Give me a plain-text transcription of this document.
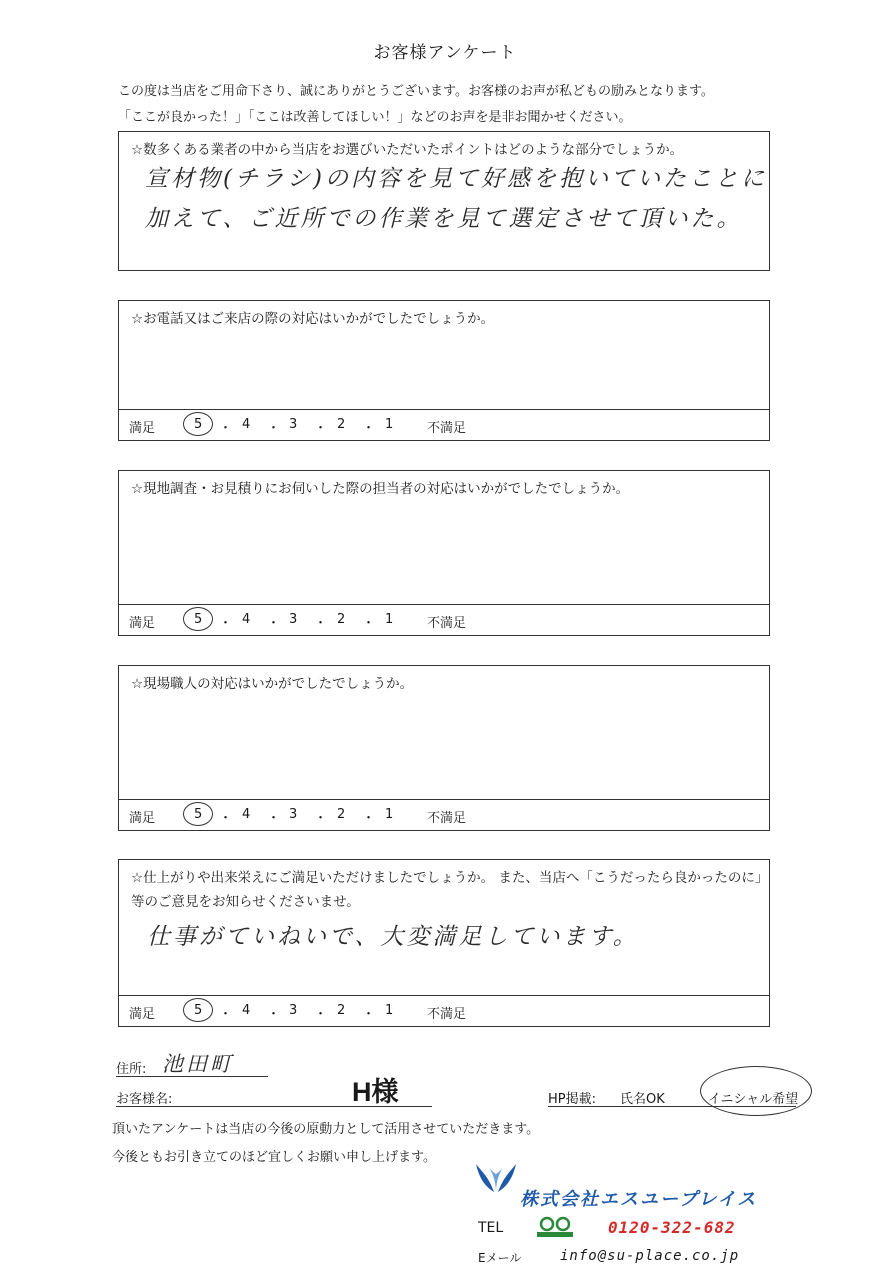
お客様アンケート
この度は当店をご用命下さり、誠にありがとうございます。お客様のお声が私どもの励みとなります。
「ここが良かった！」「ここは改善してほしい！」などのお声を是非お聞かせください。
☆数多くある業者の中から当店をお選びいただいたポイントはどのような部分でしょうか。
宣材物(チラシ)の内容を見て好感を抱いていたことに
加えて、ご近所での作業を見て選定させて頂いた。
☆お電話又はご来店の際の対応はいかがでしたでしょうか。
満足	5 ・ 4 ・ 3 ・ 2 ・ 1	不満足
☆現地調査・お見積りにお伺いした際の担当者の対応はいかがでしたでしょうか。
満足	5 ・ 4 ・ 3 ・ 2 ・ 1	不満足
☆現場職人の対応はいかがでしたでしょうか。
満足	5 ・ 4 ・ 3 ・ 2 ・ 1	不満足
☆仕上がりや出来栄えにご満足いただけましたでしょうか。 また、当店へ「こうだったら良かったのに」
等のご意見をお知らせくださいませ。
仕事がていねいで、大変満足しています。
満足	5 ・ 4 ・ 3 ・ 2 ・ 1	不満足
住所: 池田町
お客様名:	H様	HP掲載: 氏名OK	イニシャル希望
頂いたアンケートは当店の今後の原動力として活用させていただきます。
今後ともお引き立てのほど宜しくお願い申し上げます。
株式会社エスユープレイス
TEL	0120-322-682
Eメール	info@su-place.co.jp
